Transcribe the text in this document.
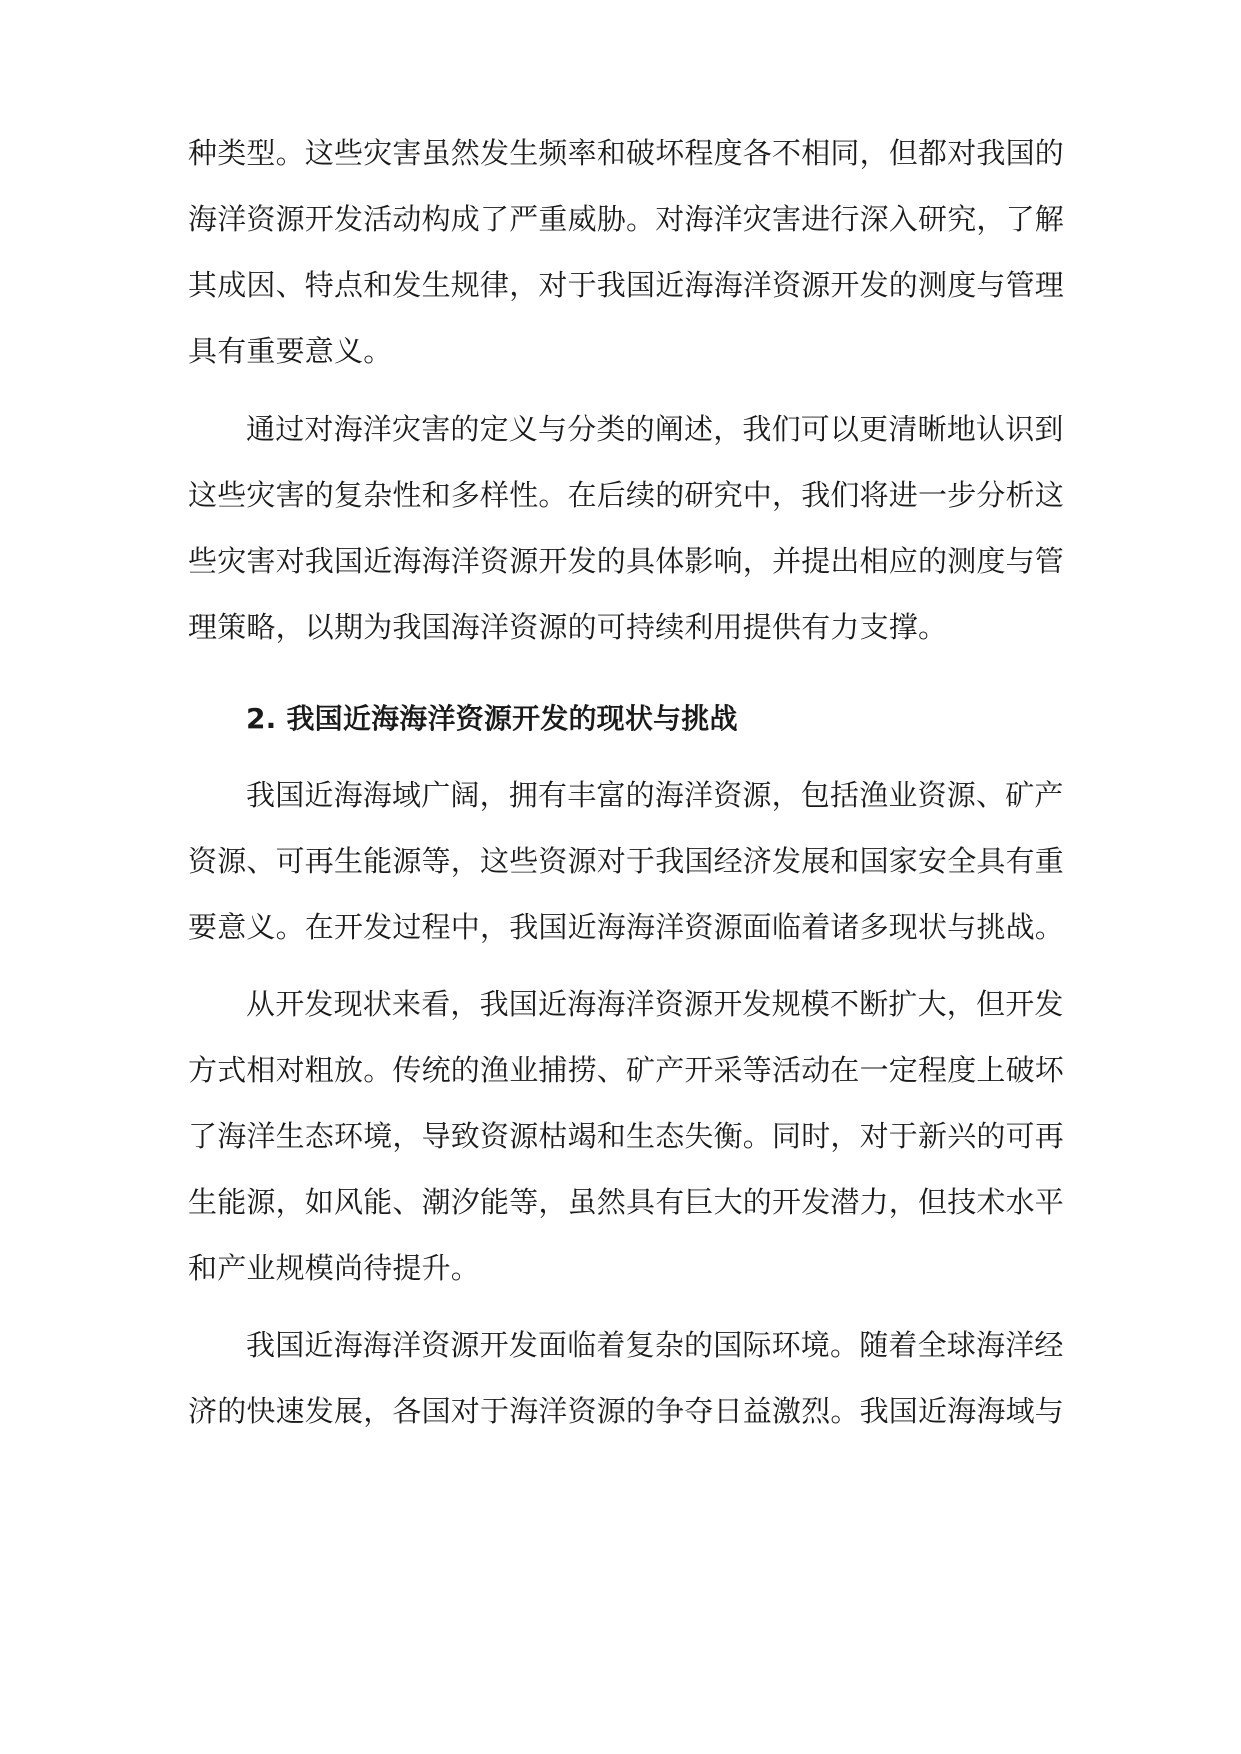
种类型。这些灾害虽然发生频率和破坏程度各不相同，但都对我国的
海洋资源开发活动构成了严重威胁。对海洋灾害进行深入研究，了解
其成因、特点和发生规律，对于我国近海海洋资源开发的测度与管理
具有重要意义。
通过对海洋灾害的定义与分类的阐述，我们可以更清晰地认识到
这些灾害的复杂性和多样性。在后续的研究中，我们将进一步分析这
些灾害对我国近海海洋资源开发的具体影响，并提出相应的测度与管
理策略，以期为我国海洋资源的可持续利用提供有力支撑。
2. 我国近海海洋资源开发的现状与挑战
我国近海海域广阔，拥有丰富的海洋资源，包括渔业资源、矿产
资源、可再生能源等，这些资源对于我国经济发展和国家安全具有重
要意义。在开发过程中，我国近海海洋资源面临着诸多现状与挑战。
从开发现状来看，我国近海海洋资源开发规模不断扩大，但开发
方式相对粗放。传统的渔业捕捞、矿产开采等活动在一定程度上破坏
了海洋生态环境，导致资源枯竭和生态失衡。同时，对于新兴的可再
生能源，如风能、潮汐能等，虽然具有巨大的开发潜力，但技术水平
和产业规模尚待提升。
我国近海海洋资源开发面临着复杂的国际环境。随着全球海洋经
济的快速发展，各国对于海洋资源的争夺日益激烈。我国近海海域与
